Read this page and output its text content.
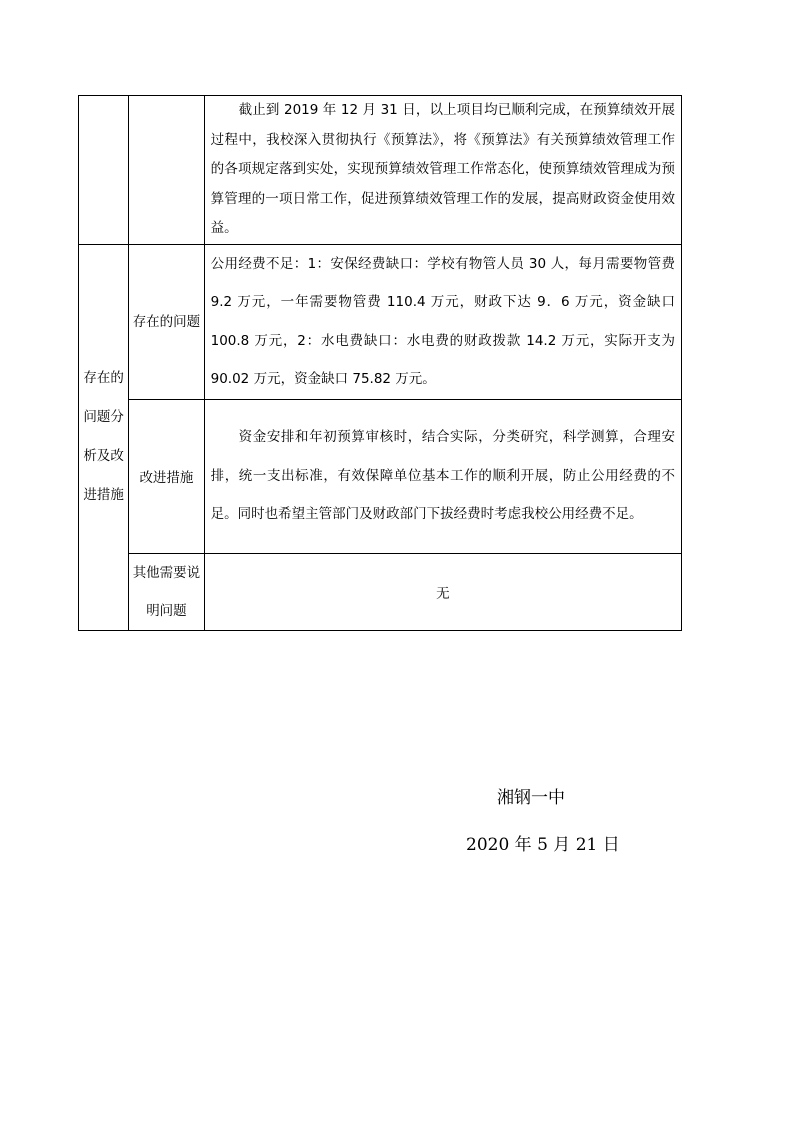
		截止到 2019 年 12 月 31 日，以上项目均已顺利完成，在预算绩效开展过程中，我校深入贯彻执行《预算法》，将《预算法》有关预算绩效管理工作的各项规定落到实处，实现预算绩效管理工作常态化，使预算绩效管理成为预算管理的一项日常工作，促进预算绩效管理工作的发展，提高财政资金使用效益。

存在的问题分析及改进措施	存在的问题	公用经费不足：1：安保经费缺口：学校有物管人员 30 人，每月需要物管费 9.2 万元，一年需要物管费 110.4 万元，财政下达 9．6 万元，资金缺口 100.8 万元，2：水电费缺口：水电费的财政拨款 14.2 万元，实际开支为 90.02 万元，资金缺口 75.82 万元。

	改进措施	资金安排和年初预算审核时，结合实际，分类研究，科学测算，合理安排，统一支出标准，有效保障单位基本工作的顺利开展，防止公用经费的不足。同时也希望主管部门及财政部门下拔经费时考虑我校公用经费不足。

	其他需要说明问题	无
湘钢一中
2020 年 5 月 21 日
